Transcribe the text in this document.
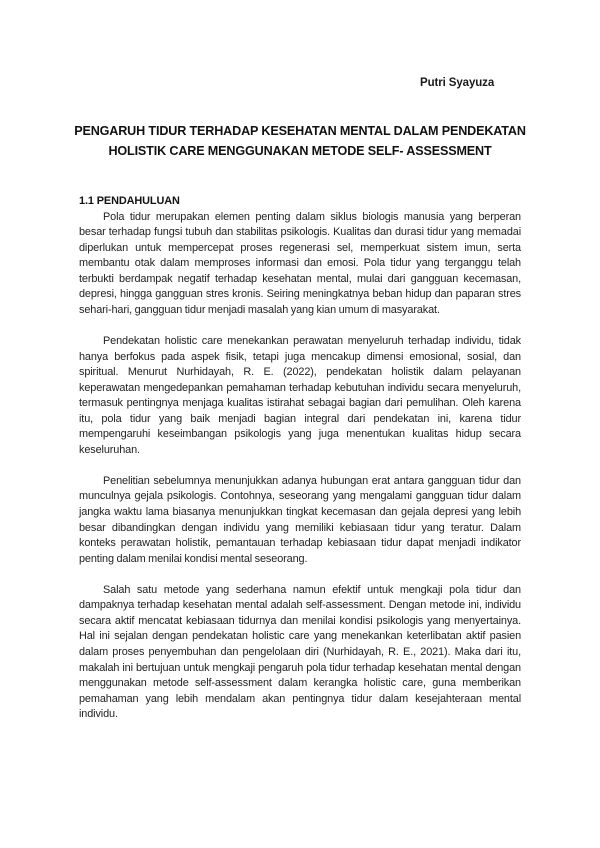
Putri Syayuza
PENGARUH TIDUR TERHADAP KESEHATAN MENTAL DALAM PENDEKATAN
HOLISTIK CARE MENGGUNAKAN METODE SELF- ASSESSMENT

1.1 PENDAHULUAN

Pola tidur merupakan elemen penting dalam siklus biologis manusia yang berperan besar terhadap fungsi tubuh dan stabilitas psikologis. Kualitas dan durasi tidur yang memadai diperlukan untuk mempercepat proses regenerasi sel, memperkuat sistem imun, serta membantu otak dalam memproses informasi dan emosi. Pola tidur yang terganggu telah terbukti berdampak negatif terhadap kesehatan mental, mulai dari gangguan kecemasan, depresi, hingga gangguan stres kronis. Seiring meningkatnya beban hidup dan paparan stres sehari-hari, gangguan tidur menjadi masalah yang kian umum di masyarakat.

Pendekatan holistic care menekankan perawatan menyeluruh terhadap individu, tidak hanya berfokus pada aspek fisik, tetapi juga mencakup dimensi emosional, sosial, dan spiritual. Menurut Nurhidayah, R. E. (2022), pendekatan holistik dalam pelayanan keperawatan mengedepankan pemahaman terhadap kebutuhan individu secara menyeluruh, termasuk pentingnya menjaga kualitas istirahat sebagai bagian dari pemulihan. Oleh karena itu, pola tidur yang baik menjadi bagian integral dari pendekatan ini, karena tidur mempengaruhi keseimbangan psikologis yang juga menentukan kualitas hidup secara keseluruhan.

Penelitian sebelumnya menunjukkan adanya hubungan erat antara gangguan tidur dan munculnya gejala psikologis. Contohnya, seseorang yang mengalami gangguan tidur dalam jangka waktu lama biasanya menunjukkan tingkat kecemasan dan gejala depresi yang lebih besar dibandingkan dengan individu yang memiliki kebiasaan tidur yang teratur. Dalam konteks perawatan holistik, pemantauan terhadap kebiasaan tidur dapat menjadi indikator penting dalam menilai kondisi mental seseorang.

Salah satu metode yang sederhana namun efektif untuk mengkaji pola tidur dan dampaknya terhadap kesehatan mental adalah self-assessment. Dengan metode ini, individu secara aktif mencatat kebiasaan tidurnya dan menilai kondisi psikologis yang menyertainya. Hal ini sejalan dengan pendekatan holistic care yang menekankan keterlibatan aktif pasien dalam proses penyembuhan dan pengelolaan diri (Nurhidayah, R. E., 2021). Maka dari itu, makalah ini bertujuan untuk mengkaji pengaruh pola tidur terhadap kesehatan mental dengan menggunakan metode self-assessment dalam kerangka holistic care, guna memberikan pemahaman yang lebih mendalam akan pentingnya tidur dalam kesejahteraan mental individu.
